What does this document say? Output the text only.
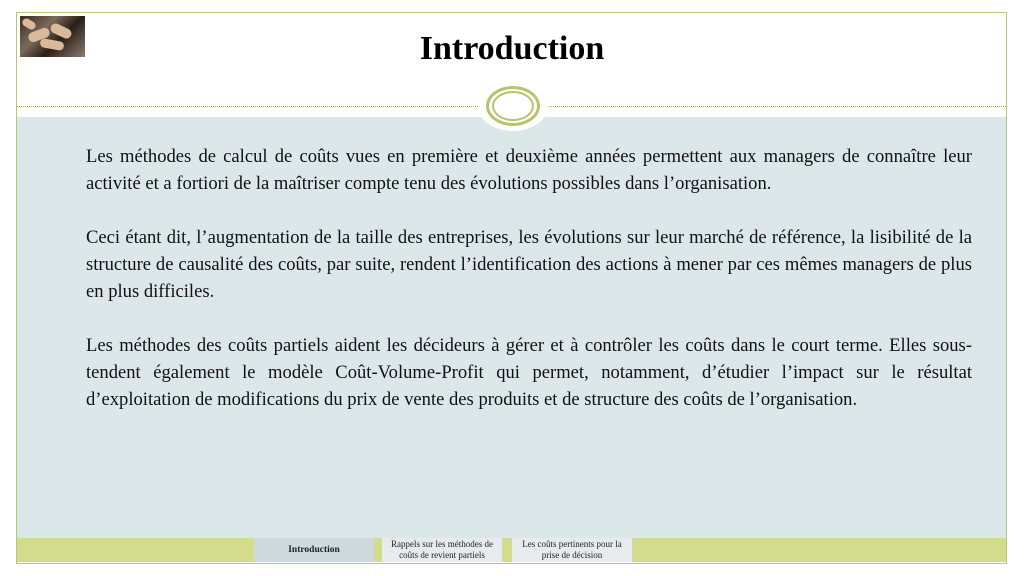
Introduction

Les méthodes de calcul de coûts vues en première et deuxième années permettent aux managers de connaître leur activité et a fortiori de la maîtriser compte tenu des évolutions possibles dans l’organisation.

Ceci étant dit, l’augmentation de la taille des entreprises, les évolutions sur leur marché de référence, la lisibilité de la structure de causalité des coûts, par suite, rendent l’identification des actions à mener par ces mêmes managers de plus en plus difficiles.

Les méthodes des coûts partiels aident les décideurs à gérer et à contrôler les coûts dans le court terme. Elles sous-tendent également le modèle Coût-Volume-Profit qui permet, notamment, d’étudier l’impact sur le résultat d’exploitation de modifications du prix de vente des produits et de structure des coûts de l’organisation.

Introduction
Rappels sur les méthodes de coûts de revient partiels
Les coûts pertinents pour la prise de décision
